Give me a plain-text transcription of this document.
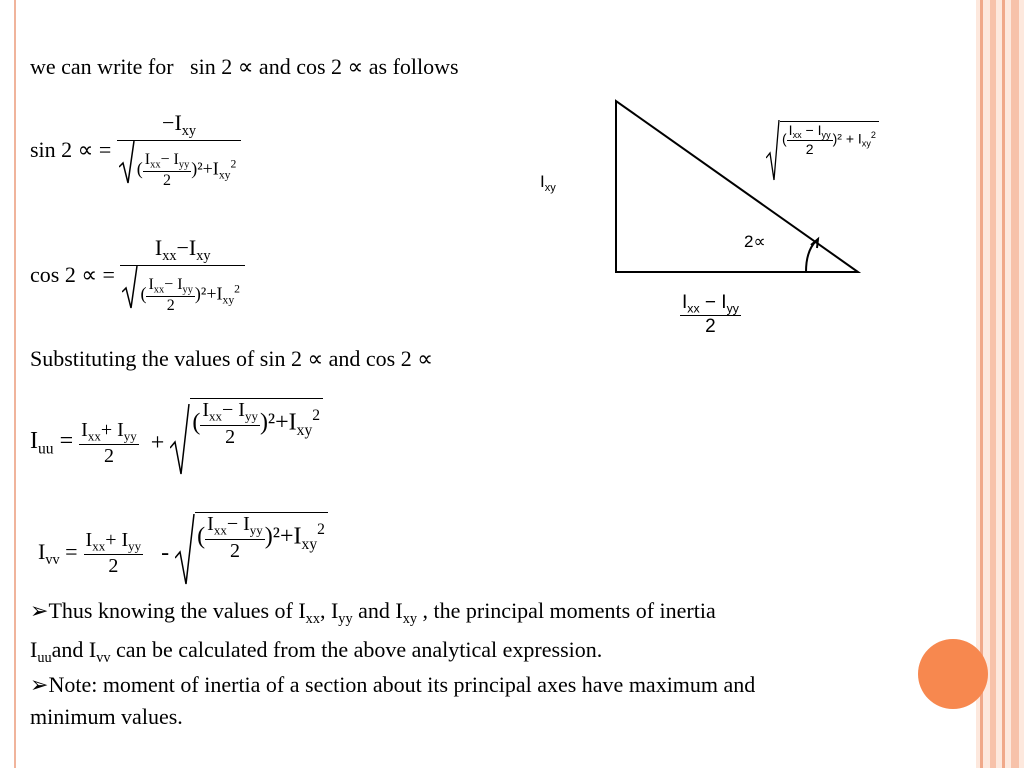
we can write for sin 2 ∝ and cos 2 ∝ as follows
sin 2 ∝ = $\frac{-I_{xy}}{( \frac{I_{xx}- I_{yy}}{2} )^2+I_{xy}^2}$
cos 2 ∝ = $\frac{I_{xx}-I_{xy}}{( \frac{I_{xx}- I_{yy}}{2} )^2+I_{xy}^2}$
Substituting the values of sin 2 ∝ and cos 2 ∝
$I_{uu} = \frac{I_{xx}+ I_{yy}}{2}$ + ( $\frac{I_{xx}- I_{yy}}{2} )^2+I_{xy}^2$
$I_{vv} = \frac{I_{xx}+ I_{yy}}{2}$ - ( $\frac{I_{xx}- I_{yy}}{2} )^2+I_{xy}^2$
➢Thus knowing the values of $I_{xx}$, $I_{yy}$ and $I_{xy}$ , the principal moments of inertia
$I_{uu}and$ $I_{vv}$ can be calculated from the above analytical expression.
➢Note: moment of inertia of a section about its principal axes have maximum and
minimum values.
$I_{xy}$
2∝
( $\frac{I_{xx} - I_{yy}}{2} )^2 + I_{xy}^2$
$\frac{I_{xx} - I_{yy}}{2}$
